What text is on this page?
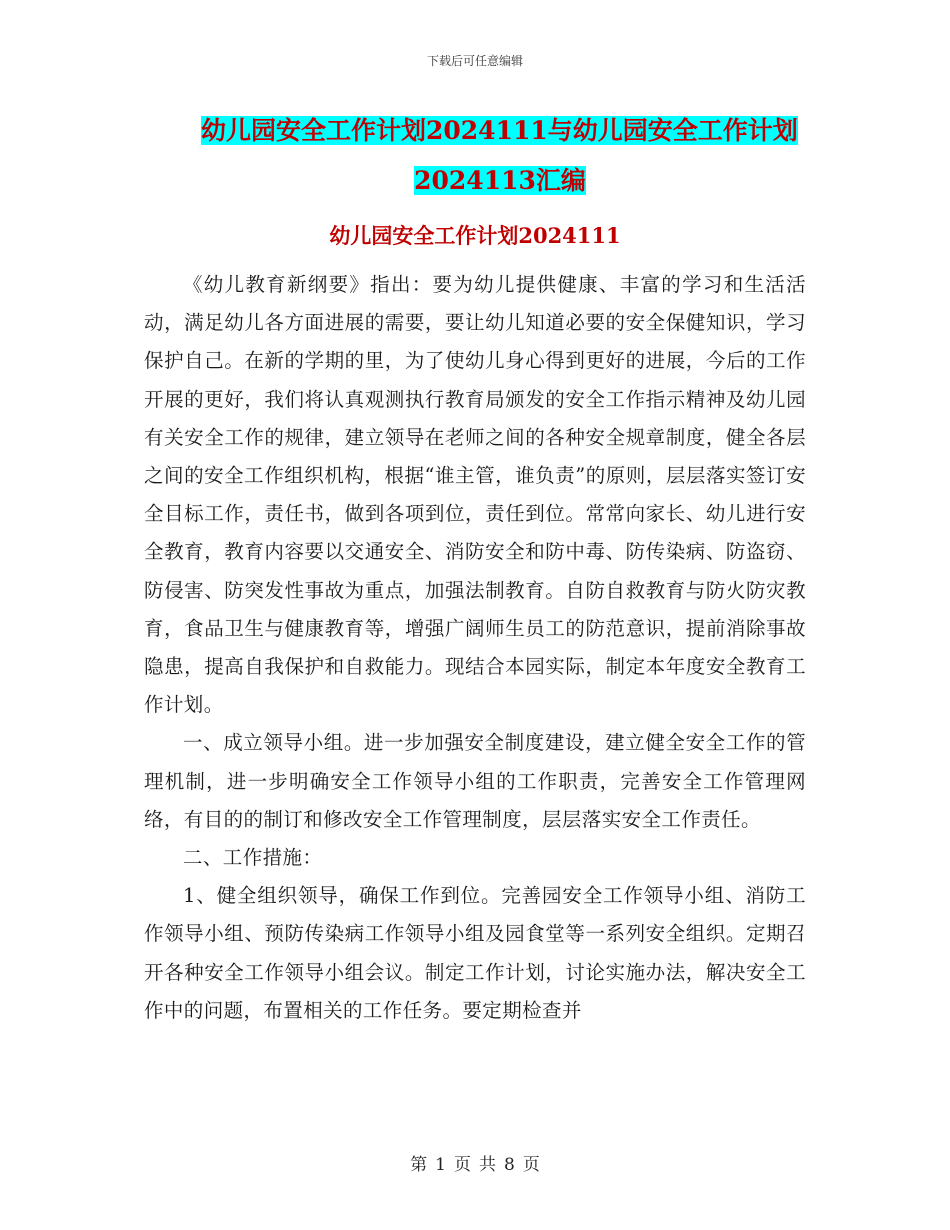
下载后可任意编辑
幼儿园安全工作计划2024111与幼儿园安全工作计划
2024113汇编
幼儿园安全工作计划2024111

《幼儿教育新纲要》指出：要为幼儿提供健康、丰富的学习和生活活动，满足幼儿各方面进展的需要，要让幼儿知道必要的安全保健知识，学习保护自己。在新的学期的里，为了使幼儿身心得到更好的进展，今后的工作开展的更好，我们将认真观测执行教育局颁发的安全工作指示精神及幼儿园有关安全工作的规律，建立领导在老师之间的各种安全规章制度，健全各层之间的安全工作组织机构，根据“谁主管，谁负责”的原则，层层落实签订安全目标工作，责任书，做到各项到位，责任到位。常常向家长、幼儿进行安全教育，教育内容要以交通安全、消防安全和防中毒、防传染病、防盗窃、防侵害、防突发性事故为重点，加强法制教育。自防自救教育与防火防灾教育，食品卫生与健康教育等，增强广阔师生员工的防范意识，提前消除事故隐患，提高自我保护和自救能力。现结合本园实际，制定本年度安全教育工作计划。

一、成立领导小组。进一步加强安全制度建设，建立健全安全工作的管理机制，进一步明确安全工作领导小组的工作职责，完善安全工作管理网络，有目的的制订和修改安全工作管理制度，层层落实安全工作责任。

二、工作措施：

1、健全组织领导，确保工作到位。完善园安全工作领导小组、消防工作领导小组、预防传染病工作领导小组及园食堂等一系列安全组织。定期召开各种安全工作领导小组会议。制定工作计划，讨论实施办法，解决安全工作中的问题，布置相关的工作任务。要定期检查并

第 1 页 共 8 页
